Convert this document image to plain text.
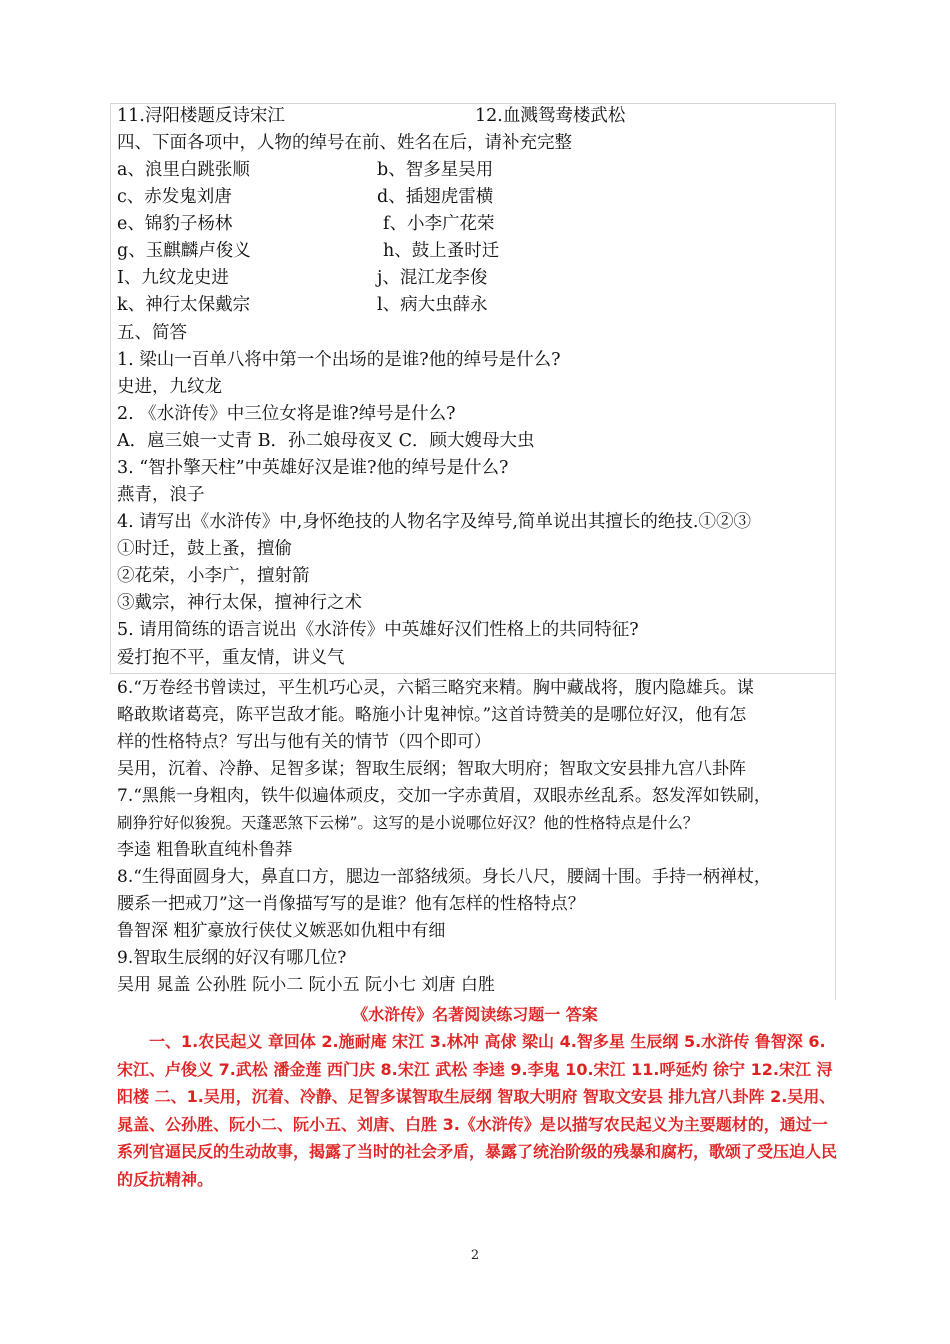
11.浔阳楼题反诗宋江	12.血溅鸳鸯楼武松
四、下面各项中，人物的绰号在前、姓名在后，请补充完整
a、浪里白跳张顺	b、智多星吴用
c、赤发鬼刘唐	d、插翅虎雷横
e、锦豹子杨林	f、小李广花荣
g、玉麒麟卢俊义	h、鼓上蚤时迁
I、九纹龙史进	j、混江龙李俊
k、神行太保戴宗	l、病大虫薛永
五、简答
1. 梁山一百单八将中第一个出场的是谁?他的绰号是什么?
史进，九纹龙
2. 《水浒传》中三位女将是谁?绰号是什么?
A．扈三娘一丈青 B．孙二娘母夜叉 C．顾大嫂母大虫
3. “智扑擎天柱”中英雄好汉是谁?他的绰号是什么?
燕青，浪子
4. 请写出《水浒传》中,身怀绝技的人物名字及绰号,简单说出其擅长的绝技.①②③
①时迁，鼓上蚤，擅偷
②花荣，小李广，擅射箭
③戴宗，神行太保，擅神行之术
5. 请用简练的语言说出《水浒传》中英雄好汉们性格上的共同特征?
爱打抱不平，重友情，讲义气
6.“万卷经书曾读过，平生机巧心灵，六韬三略究来精。胸中藏战将，腹内隐雄兵。谋
略敢欺诸葛亮，陈平岂敌才能。略施小计鬼神惊。”这首诗赞美的是哪位好汉，他有怎
样的性格特点？写出与他有关的情节（四个即可）
吴用，沉着、冷静、足智多谋；智取生辰纲；智取大明府；智取文安县排九宫八卦阵
7.“黑熊一身粗肉，铁牛似遍体顽皮，交加一字赤黄眉，双眼赤丝乱系。怒发浑如铁刷，
刷狰狞好似狻猊。天蓬恶煞下云梯”。这写的是小说哪位好汉？他的性格特点是什么？
李逵 粗鲁耿直纯朴鲁莽
8.“生得面圆身大，鼻直口方，腮边一部貉绒须。身长八尺，腰阔十围。手持一柄禅杖，
腰系一把戒刀”这一肖像描写写的是谁？他有怎样的性格特点？
鲁智深 粗犷豪放行侠仗义嫉恶如仇粗中有细
9.智取生辰纲的好汉有哪几位?
吴用 晁盖 公孙胜 阮小二 阮小五 阮小七 刘唐 白胜
《水浒传》名著阅读练习题一 答案
一、1.农民起义 章回体 2.施耐庵 宋江 3.林冲 高俅 梁山 4.智多星 生辰纲 5.水浒传 鲁智深 6.宋江、卢俊义 7.武松 潘金莲 西门庆 8.宋江 武松 李逵 9.李鬼 10.宋江 11.呼延灼 徐宁 12.宋江 浔阳楼 二、1.吴用，沉着、冷静、足智多谋智取生辰纲 智取大明府 智取文安县 排九宫八卦阵 2.吴用、晁盖、公孙胜、阮小二、阮小五、刘唐、白胜 3.《水浒传》是以描写农民起义为主要题材的，通过一系列官逼民反的生动故事，揭露了当时的社会矛盾，暴露了统治阶级的残暴和腐朽，歌颂了受压迫人民的反抗精神。
2
